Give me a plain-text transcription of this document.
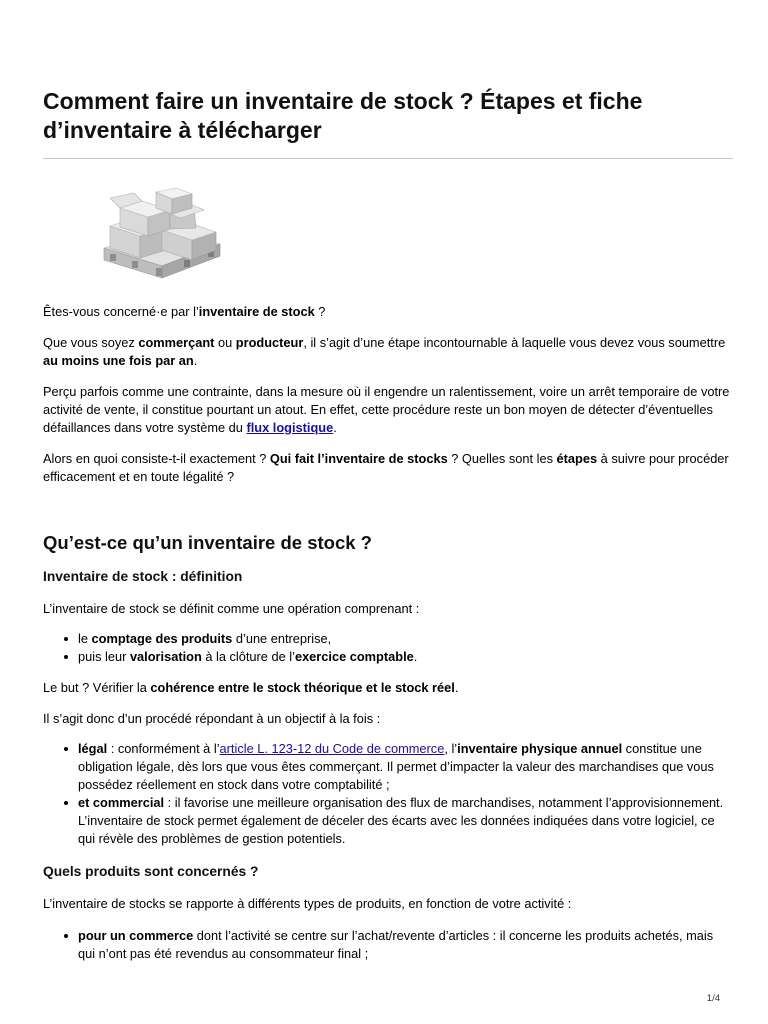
Comment faire un inventaire de stock ? Étapes et fiche d’inventaire à télécharger

Êtes-vous concerné·e par l’inventaire de stock ?

Que vous soyez commerçant ou producteur, il s’agit d’une étape incontournable à laquelle vous devez vous soumettre au moins une fois par an.

Perçu parfois comme une contrainte, dans la mesure où il engendre un ralentissement, voire un arrêt temporaire de votre activité de vente, il constitue pourtant un atout. En effet, cette procédure reste un bon moyen de détecter d’éventuelles défaillances dans votre système du flux logistique.

Alors en quoi consiste-t-il exactement ? Qui fait l’inventaire de stocks ? Quelles sont les étapes à suivre pour procéder efficacement et en toute légalité ?

Qu’est-ce qu’un inventaire de stock ?
Inventaire de stock : définition

L’inventaire de stock se définit comme une opération comprenant :

le comptage des produits d’une entreprise,
puis leur valorisation à la clôture de l’exercice comptable.

Le but ? Vérifier la cohérence entre le stock théorique et le stock réel.

Il s’agit donc d’un procédé répondant à un objectif à la fois :

légal : conformément à l’article L. 123-12 du Code de commerce, l’inventaire physique annuel constitue une obligation légale, dès lors que vous êtes commerçant. Il permet d’impacter la valeur des marchandises que vous possédez réellement en stock dans votre comptabilité ;
et commercial : il favorise une meilleure organisation des flux de marchandises, notamment l’approvisionnement. L’inventaire de stock permet également de déceler des écarts avec les données indiquées dans votre logiciel, ce qui révèle des problèmes de gestion potentiels.
Quels produits sont concernés ?

L’inventaire de stocks se rapporte à différents types de produits, en fonction de votre activité :

pour un commerce dont l’activité se centre sur l’achat/revente d’articles : il concerne les produits achetés, mais qui n’ont pas été revendus au consommateur final ;
1/4
